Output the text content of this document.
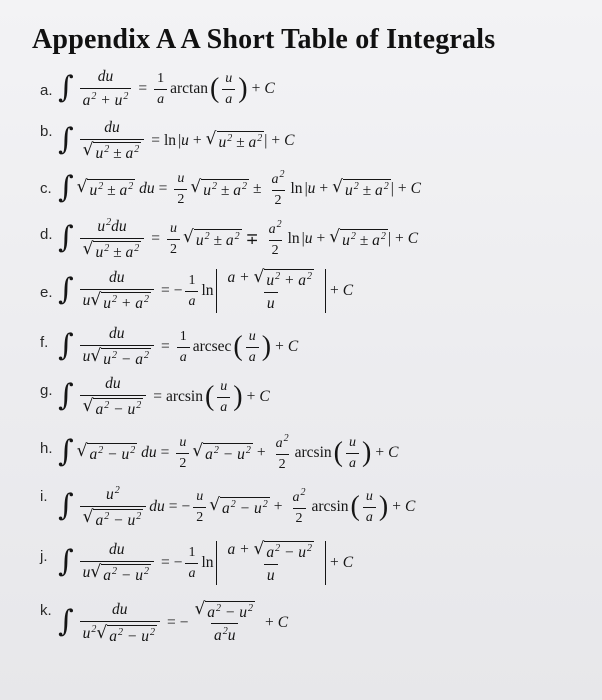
Appendix A A Short Table of Integrals
a. ∫ $\frac{du}{a^2 + u^2} = \frac{1}{a}$ arctan ( $\frac{u}{a}$ ) + C
b. ∫ $\frac{du}{√ u^2 \pm a^2} = \ln$ | u + √ $u^2 \pm a^2$ | + C
c. ∫ √ $u^2 \pm a^2$ du = $\frac{u}{2}$ √ $u^2 \pm a^2 \pm \frac{a^2}{2}$ ln | u + √ $u^2 \pm a^2$ | + C
d. ∫ $\frac{u^2du}{√ u^2 \pm a^2} = \frac{u}{2}$ √ $u^2 \pm a^2 \mp \frac{a^2}{2}$ ln | u + √ $u^2 \pm a^2$ | + C
e. ∫ $\frac{du}{u √ u^2 + a^2}$ = − $\frac{1}{a}$ $\ln \frac{a + √ u^2 + a^2}{u} + C$
f. ∫ $\frac{du}{u √ u^2 - a^2} = \frac{1}{a}$ arcsec ( $\frac{u}{a}$ ) + C
g. ∫ $\frac{du}{√ a^2 - u^2} = \arcsin$ ( $\frac{u}{a}$ ) + C
h. ∫ √ $a^2 - u^2$ du = $\frac{u}{2}$ √ $a^2 - u^2 + \frac{a^2}{2}$ arcsin ( $\frac{u}{a}$ ) + C
i. ∫ $\frac{u^2}{√ a^2 - u^2}$ du = − $\frac{u}{2}$ √ $a^2 - u^2 + \frac{a^2}{2}$ arcsin ( $\frac{u}{a}$ ) + C
j. ∫ $\frac{du}{u √ a^2 - u^2}$ = − $\frac{1}{a}$ $\ln \frac{a + √ a^2 - u^2}{u} + C$
k. ∫ $\frac{du}{u^2 √ a^2 - u^2}$ = − $\frac{√ a^2 - u^2}{a^2u} + C$
